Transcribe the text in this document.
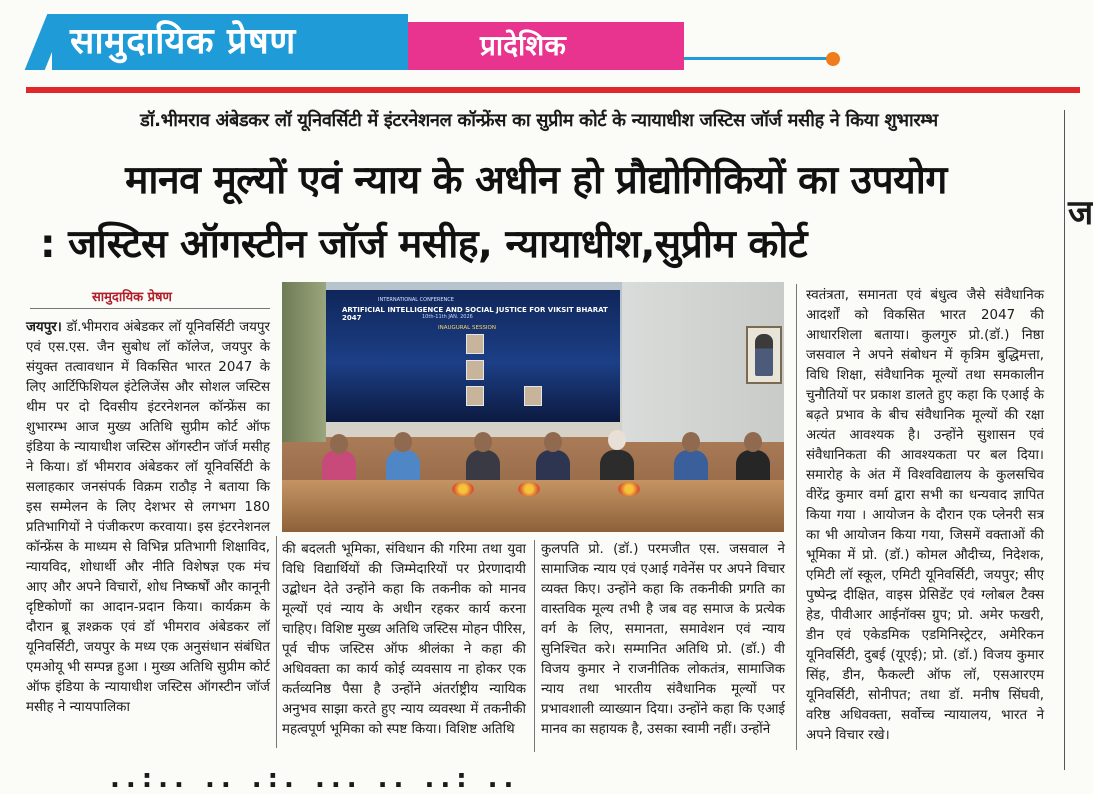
सामुदायिक प्रेषण	प्रादेशिक
डॉ.भीमराव अंबेडकर लॉ यूनिवर्सिटी में इंटरनेशनल कॉन्फ्रेंस का सुप्रीम कोर्ट के न्यायाधीश जस्टिस जॉर्ज मसीह ने किया शुभारम्भ
मानव मूल्यों एवं न्याय के अधीन हो प्रौद्योगिकियों का उपयोग
: जस्टिस ऑगस्टीन जॉर्ज मसीह, न्यायाधीश,सुप्रीम कोर्ट
ज
सामुदायिक प्रेषण
जयपुर। डॉ.भीमराव अंबेडकर लॉ यूनिवर्सिटी जयपुर एवं एस.एस. जैन सुबोध लॉ कॉलेज, जयपुर के संयुक्त तत्वावधान में विकसित भारत 2047 के लिए आर्टिफिशियल इंटेलिजेंस और सोशल जस्टिस थीम पर दो दिवसीय इंटरनेशनल कॉन्फ्रेंस का शुभारम्भ आज मुख्य अतिथि सुप्रीम कोर्ट ऑफ इंडिया के न्यायाधीश जस्टिस ऑगस्टीन जॉर्ज मसीह ने किया। डॉ भीमराव अंबेडकर लॉ यूनिवर्सिटी के सलाहकार जनसंपर्क विक्रम राठौड़ ने बताया कि इस सम्मेलन के लिए देशभर से लगभग 180 प्रतिभागियों ने पंजीकरण करवाया। इस इंटरनेशनल कॉन्फ्रेंस के माध्यम से विभिन्न प्रतिभागी शिक्षाविद, न्यायविद, शोधार्थी और नीति विशेषज्ञ एक मंच आए और अपने विचारों, शोध निष्कर्षों और कानूनी दृष्टिकोणों का आदान-प्रदान किया। कार्यक्रम के दौरान ब्रू ज्ञश्क्रक एवं डॉ भीमराव अंबेडकर लॉ यूनिवर्सिटी, जयपुर के मध्य एक अनुसंधान संबंधित एमओयू भी सम्पन्न हुआ । मुख्य अतिथि सुप्रीम कोर्ट ऑफ इंडिया के न्यायाधीश जस्टिस ऑगस्टीन जॉर्ज मसीह ने न्यायपालिका
INTERNATIONAL CONFERENCE
ARTIFICIAL INTELLIGENCE AND SOCIAL JUSTICE FOR VIKSIT BHARAT 2047	10th-11th JAN. 2026
INAUGURAL SESSION
की बदलती भूमिका, संविधान की गरिमा तथा युवा विधि विद्यार्थियों की जिम्मेदारियों पर प्रेरणादायी उद्बोधन देते उन्होंने कहा कि तकनीक को मानव मूल्यों एवं न्याय के अधीन रहकर कार्य करना चाहिए। विशिष्ट मुख्य अतिथि जस्टिस मोहन पीरिस, पूर्व चीफ जस्टिस ऑफ श्रीलंका ने कहा की अधिवक्ता का कार्य कोई व्यवसाय ना होकर एक कर्तव्यनिष्ठ पैसा है उन्होंने अंतर्राष्ट्रीय न्यायिक अनुभव साझा करते हुए न्याय व्यवस्था में तकनीकी महत्वपूर्ण भूमिका को स्पष्ट किया। विशिष्ट अतिथि
कुलपति प्रो. (डॉ.) परमजीत एस. जसवाल ने सामाजिक न्याय एवं एआई गवेनेंस पर अपने विचार व्यक्त किए। उन्होंने कहा कि तकनीकी प्रगति का वास्तविक मूल्य तभी है जब वह समाज के प्रत्येक वर्ग के लिए, समानता, समावेशन एवं न्याय सुनिश्चित करे। सम्मानित अतिथि प्रो. (डॉ.) वी विजय कुमार ने राजनीतिक लोकतंत्र, सामाजिक न्याय तथा भारतीय संवैधानिक मूल्यों पर प्रभावशाली व्याख्यान दिया। उन्होंने कहा कि एआई मानव का सहायक है, उसका स्वामी नहीं। उन्होंने
स्वतंत्रता, समानता एवं बंधुत्व जैसे संवैधानिक आदर्शों को विकसित भारत 2047 की आधारशिला बताया। कुलगुरु प्रो.(डॉ.) निष्ठा जसवाल ने अपने संबोधन में कृत्रिम बुद्धिमत्ता, विधि शिक्षा, संवैधानिक मूल्यों तथा समकालीन चुनौतियों पर प्रकाश डालते हुए कहा कि एआई के बढ़ते प्रभाव के बीच संवैधानिक मूल्यों की रक्षा अत्यंत आवश्यक है। उन्होंने सुशासन एवं संवैधानिकता की आवश्यकता पर बल दिया। समारोह के अंत में विश्वविद्यालय के कुलसचिव वीरेंद्र कुमार वर्मा द्वारा सभी का धन्यवाद ज्ञापित किया गया । आयोजन के दौरान एक प्लेनरी सत्र का भी आयोजन किया गया, जिसमें वक्ताओं की भूमिका में प्रो. (डॉ.) कोमल औदीच्य, निदेशक, एमिटी लॉ स्कूल, एमिटी यूनिवर्सिटी, जयपुर; सीए पुष्पेन्द्र दीक्षित, वाइस प्रेसिडेंट एवं ग्लोबल टैक्स हेड, पीवीआर आईनॉक्स ग्रुप; प्रो. अमेर फखरी, डीन एवं एकेडमिक एडमिनिस्ट्रेटर, अमेरिकन यूनिवर्सिटी, दुबई (यूएई); प्रो. (डॉ.) विजय कुमार सिंह, डीन, फैकल्टी ऑफ लॉ, एसआरएम यूनिवर्सिटी, सोनीपत; तथा डॉ. मनीष सिंघवी, वरिष्ठ अधिवक्ता, सर्वोच्च न्यायालय, भारत ने अपने विचार रखे।
..:.. .. .:. ... .. ..: ..
